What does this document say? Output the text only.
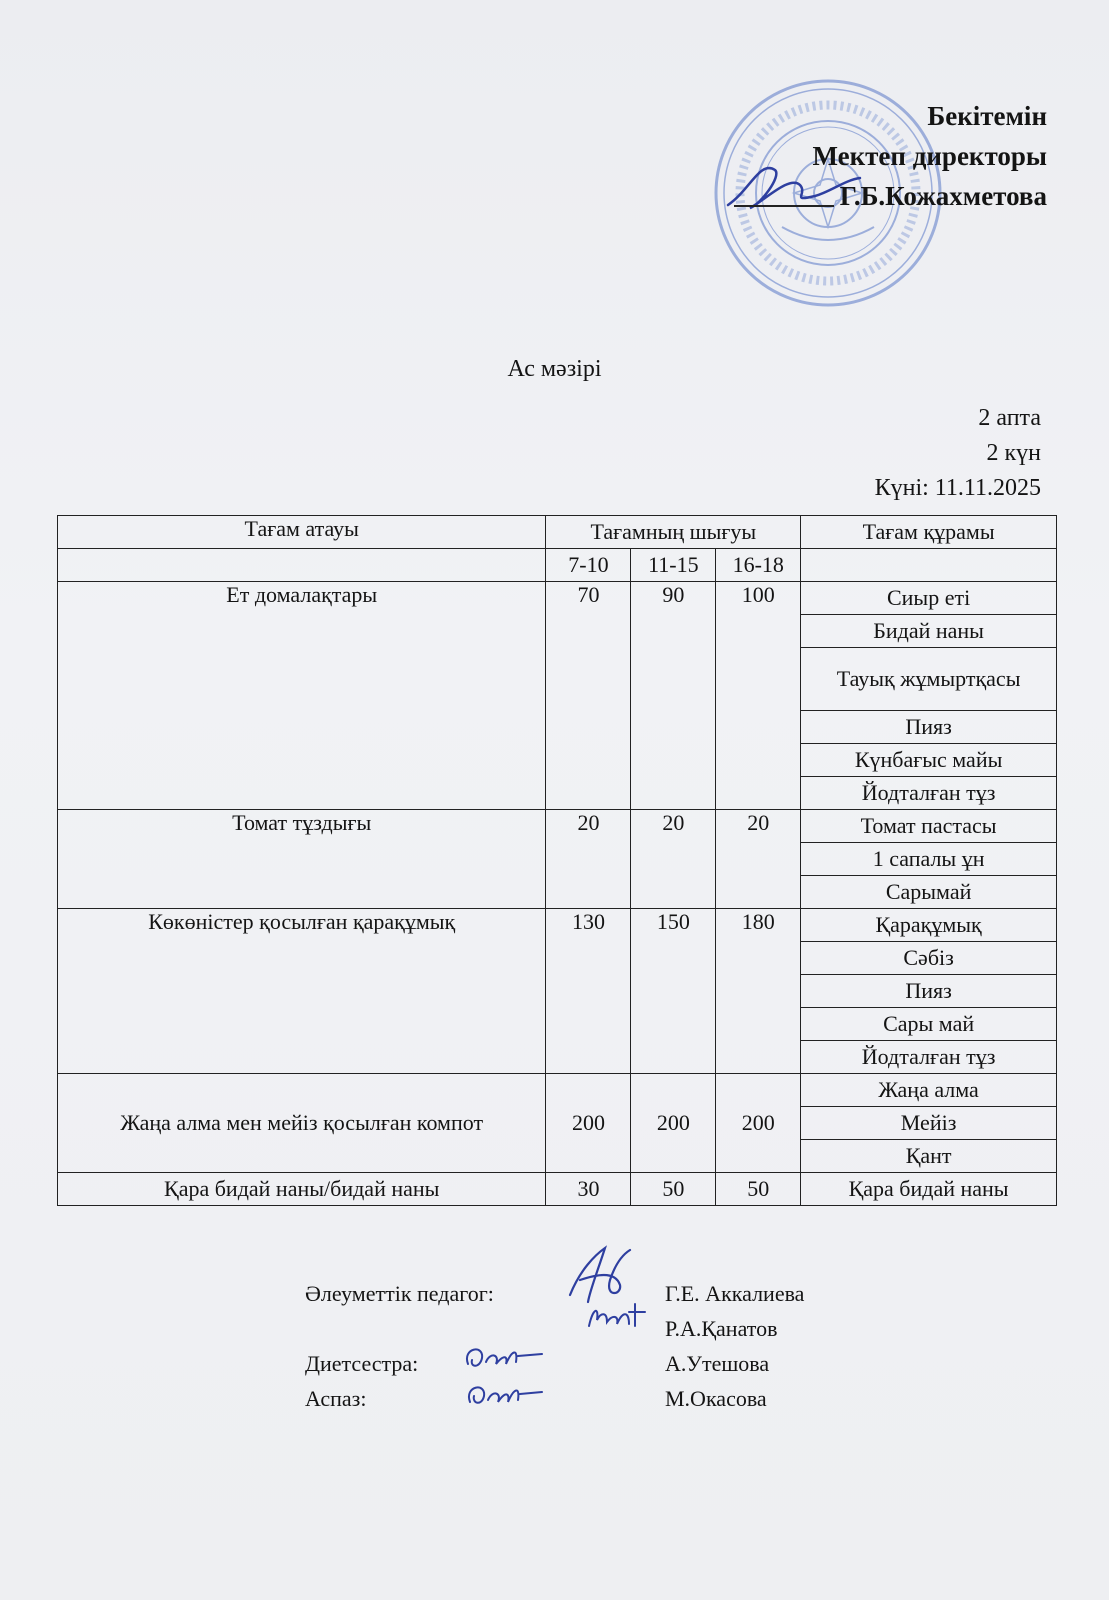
Бекітемін
Мектеп директоры
Г.Б.Кожахметова
Ас мәзірі
2 апта
2 күн
Күні: 11.11.2025
Тағам атауы	Тағамның шығуы			Тағам құрамы
	7-10	11-15	16-18	
Ет домалақтары	70	90	100	Сиыр еті
				Бидай наны
				Тауық жұмыртқасы
				Пияз
				Күнбағыс майы
				Йодталған тұз
Томат тұздығы	20	20	20	Томат пастасы
				1 сапалы ұн
				Сарымай
Көкөністер қосылған қарақұмық	130	150	180	Қарақұмық
				Сәбіз
				Пияз
				Сары май
				Йодталған тұз
Жаңа алма мен мейіз қосылған компот	200	200	200	Жаңа алма
				Мейіз
				Қант
Қара бидай наны/бидай наны	30	50	50	Қара бидай наны
Әлеуметтік педагог:	Г.Е. Аккалиева
Р.А.Қанатов
Диетсестра:	А.Утешова
Аспаз:	М.Окасова
